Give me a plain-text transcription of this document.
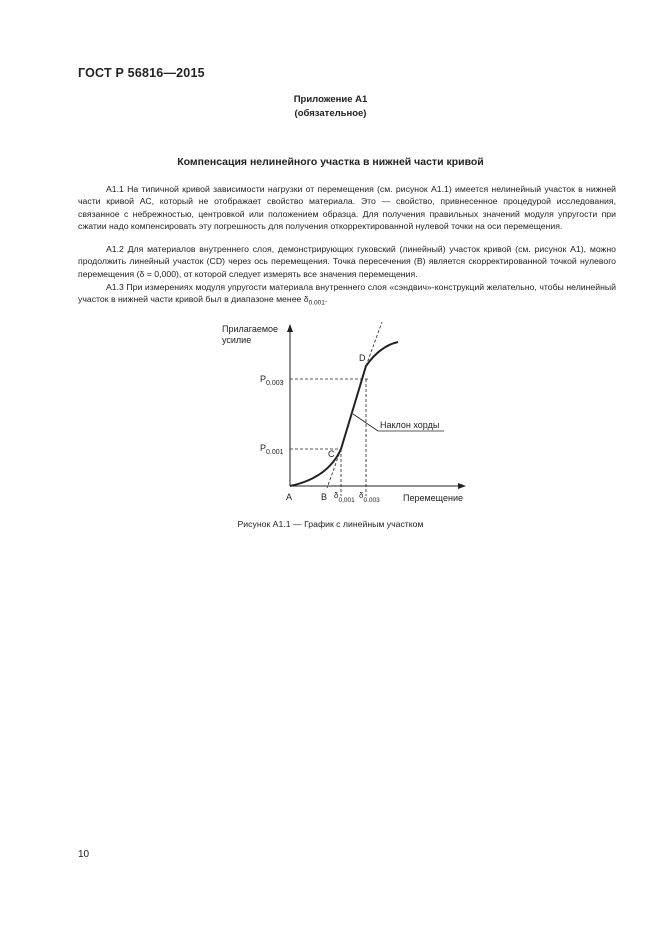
ГОСТ Р 56816—2015
Приложение А1
(обязательное)
Компенсация нелинейного участка в нижней части кривой

А1.1 На типичной кривой зависимости нагрузки от перемещения (см. рисунок А1.1) имеется нелинейный участок в нижней части кривой АС, который не отображает свойство материала. Это — свойство, привнесенное процедурой исследования, связанное с небрежностью, центровкой или положением образца. Для получения правильных значений модуля упругости при сжатии надо компенсировать эту погрешность для получения откорректированной нулевой точки на оси перемещения.

А1.2 Для материалов внутреннего слоя, демонстрирующих гуковский (линейный) участок кривой (см. рисунок А1), можно продолжить линейный участок (CD) через ось перемещения. Точка пересечения (В) является скорректированной точкой нулевого перемещения (δ = 0,000), от которой следует измерять все значения перемещения.

А1.3 При измерениях модуля упругости материала внутреннего слоя «сэндвич»-конструкций желательно, чтобы нелинейный участок в нижней части кривой был в диапазоне менее $\delta_{0.001}$.

Прилагаемое
усилие
Наклон хорды
$P_{0.003}$
$P_{0.001}$
A	B
C
D
$\delta_{0,001}$
$\delta_{0.003}$	Перемещение
Рисунок А1.1 — График с линейным участком
10
